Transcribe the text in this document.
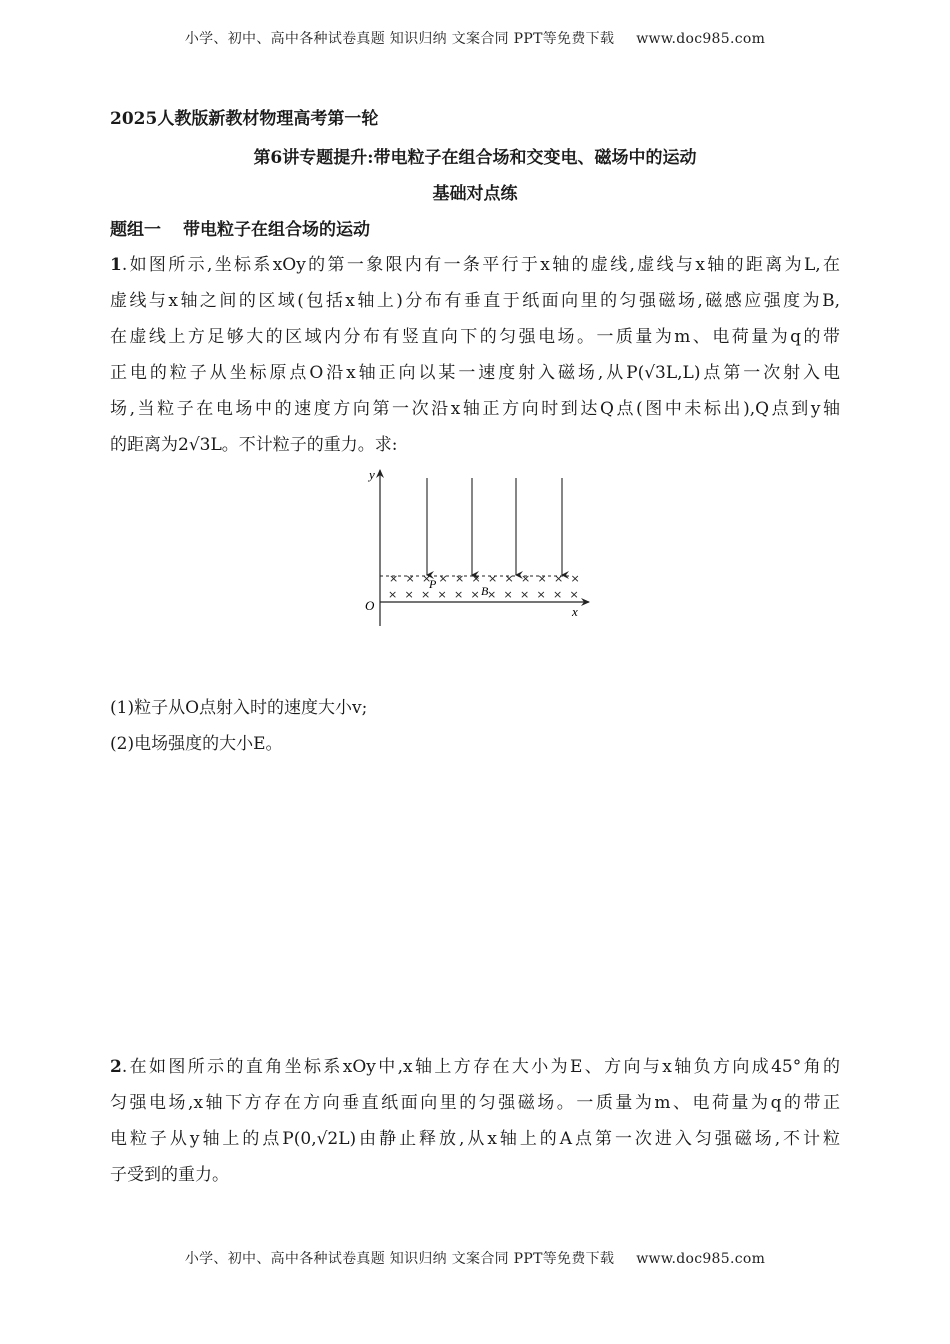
小学、初中、高中各种试卷真题 知识归纳 文案合同 PPT等免费下载 www.doc985.com
2025人教版新教材物理高考第一轮
第6讲专题提升:带电粒子在组合场和交变电、磁场中的运动
基础对点练
题组一 带电粒子在组合场的运动
1.如图所示,坐标系xOy的第一象限内有一条平行于x轴的虚线,虚线与x轴的距离为L,在
虚线与x轴之间的区域(包括x轴上)分布有垂直于纸面向里的匀强磁场,磁感应强度为B,
在虚线上方足够大的区域内分布有竖直向下的匀强电场。一质量为m、电荷量为q的带
正电的粒子从坐标原点O沿x轴正向以某一速度射入磁场,从P(√3L,L)点第一次射入电
场,当粒子在电场中的速度方向第一次沿x轴正方向时到达Q点(图中未标出),Q点到y轴
的距离为2√3L。不计粒子的重力。求:
y
x
O
× × × × × × × × × × × ×
× × × × × × × × × × × ×
P	B
(1)粒子从O点射入时的速度大小v;
(2)电场强度的大小E。
2.在如图所示的直角坐标系xOy中,x轴上方存在大小为E、方向与x轴负方向成45°角的
匀强电场,x轴下方存在方向垂直纸面向里的匀强磁场。一质量为m、电荷量为q的带正
电粒子从y轴上的点P(0,√2L)由静止释放,从x轴上的A点第一次进入匀强磁场,不计粒
子受到的重力。
小学、初中、高中各种试卷真题 知识归纳 文案合同 PPT等免费下载 www.doc985.com
